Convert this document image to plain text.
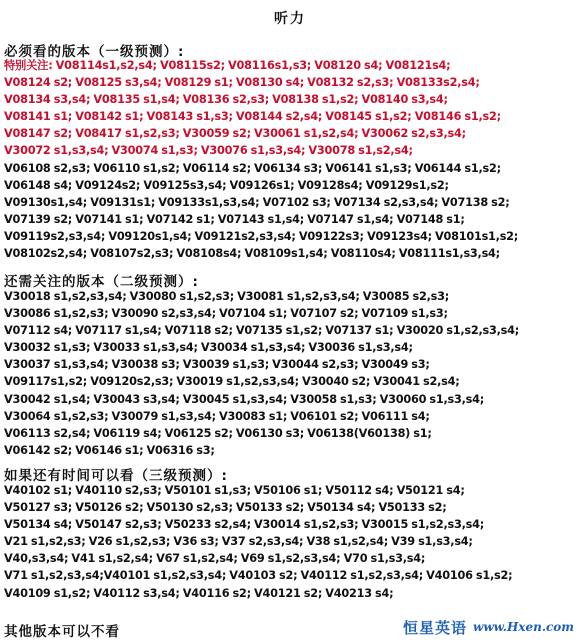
听力
必须看的版本（一级预测）:
特别关注: V08114s1,s2,s4; V08115s2; V08116s1,s3; V08120 s4; V08121s4;
V08124 s2; V08125 s3,s4; V08129 s1; V08130 s4; V08132 s2,s3; V08133s2,s4;
V08134 s3,s4; V08135 s1,s4; V08136 s2,s3; V08138 s1,s2; V08140 s3,s4;
V08141 s1; V08142 s1; V08143 s1,s3; V08144 s2,s4; V08145 s1,s2; V08146 s1,s2;
V08147 s2; V08417 s1,s2,s3; V30059 s2; V30061 s1,s2,s4; V30062 s2,s3,s4;
V30072 s1,s3,s4; V30074 s1,s3; V30076 s1,s3,s4; V30078 s1,s2,s4;
V06108 s2,s3; V06110 s1,s2; V06114 s2; V06134 s3; V06141 s1,s3; V06144 s1,s2;
V06148 s4; V09124s2; V09125s3,s4; V09126s1; V09128s4; V09129s1,s2;
V09130s1,s4; V09131s1; V09133s1,s3,s4; V07102 s3; V07134 s2,s3,s4; V07138 s2;
V07139 s2; V07141 s1; V07142 s1; V07143 s1,s4; V07147 s1,s4; V07148 s1;
V09119s2,s3,s4; V09120s1,s4; V09121s2,s3,s4; V09122s3; V09123s4; V08101s1,s2;
V08102s2,s4; V08107s2,s3; V08108s4; V08109s1,s4; V08110s4; V08111s1,s3,s4;
还需关注的版本（二级预测）:
V30018 s1,s2,s3,s4; V30080 s1,s2,s3; V30081 s1,s2,s3,s4; V30085 s2,s3;
V30086 s1,s2,s3; V30090 s2,s3,s4; V07104 s1; V07107 s2; V07109 s1,s3;
V07112 s4; V07117 s1,s4; V07118 s2; V07135 s1,s2; V07137 s1; V30020 s1,s2,s3,s4;
V30032 s1,s3; V30033 s1,s3,s4; V30034 s1,s3,s4; V30036 s1,s3,s4;
V30037 s1,s3,s4; V30038 s3; V30039 s1,s3; V30044 s2,s3; V30049 s3;
V09117s1,s2; V09120s2,s3; V30019 s1,s2,s3,s4; V30040 s2; V30041 s2,s4;
V30042 s1,s4; V30043 s3,s4; V30045 s1,s3,s4; V30058 s1,s3; V30060 s1,s3,s4;
V30064 s1,s2,s3; V30079 s1,s3,s4; V30083 s1; V06101 s2; V06111 s4;
V06113 s2,s4; V06119 s4; V06125 s2; V06130 s3; V06138(V60138) s1;
V06142 s2; V06146 s1; V06316 s3;
如果还有时间可以看（三级预测）:
V40102 s1; V40110 s2,s3; V50101 s1,s3; V50106 s1; V50112 s4; V50121 s4;
V50127 s3; V50126 s2; V50130 s2,s3; V50133 s2; V50134 s4; V50133 s2;
V50134 s4; V50147 s2,s3; V50233 s2,s4; V30014 s1,s2,s3; V30015 s1,s2,s3,s4;
V21 s1,s2,s3; V26 s1,s2,s3; V36 s3; V37 s2,s3,s4; V38 s1,s2,s4; V39 s1,s3,s4;
V40,s3,s4; V41 s1,s2,s4; V67 s1,s2,s4; V69 s1,s2,s3,s4; V70 s1,s3,s4;
V71 s1,s2,s3,s4;V40101 s1,s2,s3,s4; V40103 s2; V40112 s1,s2,s3,s4; V40106 s1,s2;
V40109 s1,s2; V40112 s3,s4; V40116 s2; V40121 s2; V40213 s4;
其他版本可以不看	恒星英语 www.Hxen.com
